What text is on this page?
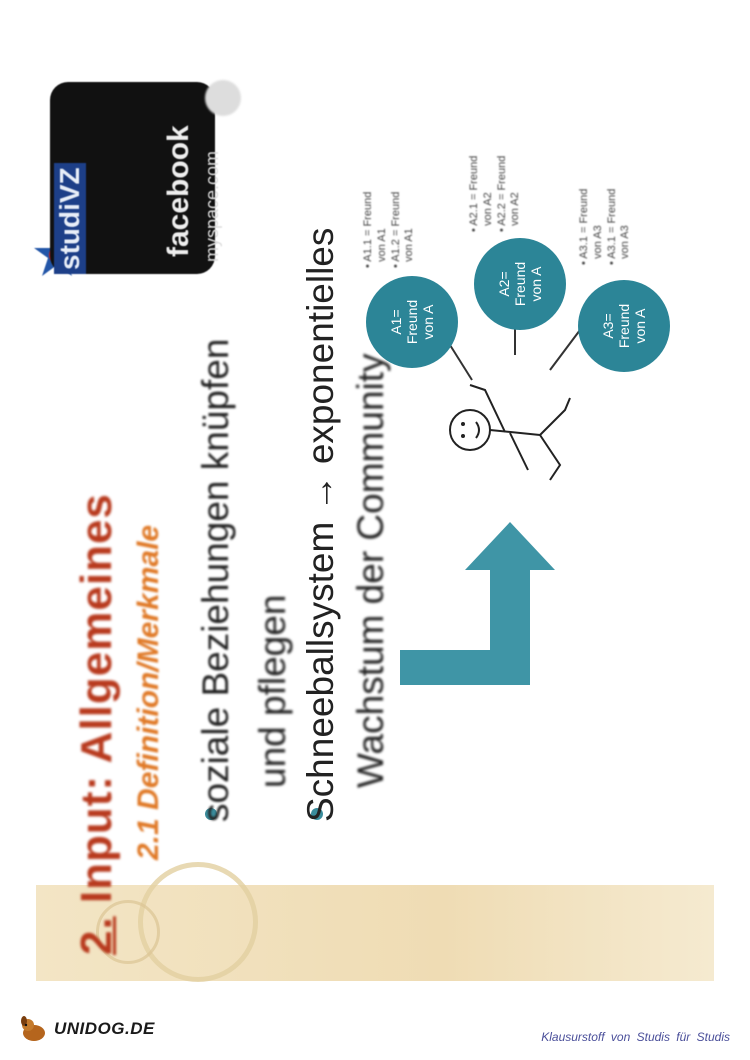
2. Input: Allgemeines 2.1 Definition/Merkmale soziale Beziehungen knüpfen und pflegen Schneeballsystem → exponentielles Wachstum der Community
A1=
Freund
von A
A2=
Freund
von A
A3=
Freund
von A
• A1.1 = Freund
von A1
• A1.2 = Freund
von A1	• A2.1 = Freund
von A2
• A2.2 = Freund
von A2
• A3.1 = Freund
von A3
• A3.1 = Freund
von A3
studiVZ	facebook myspace.com
UNIDOG.DE	Klausurstoff von Studis für Studis
